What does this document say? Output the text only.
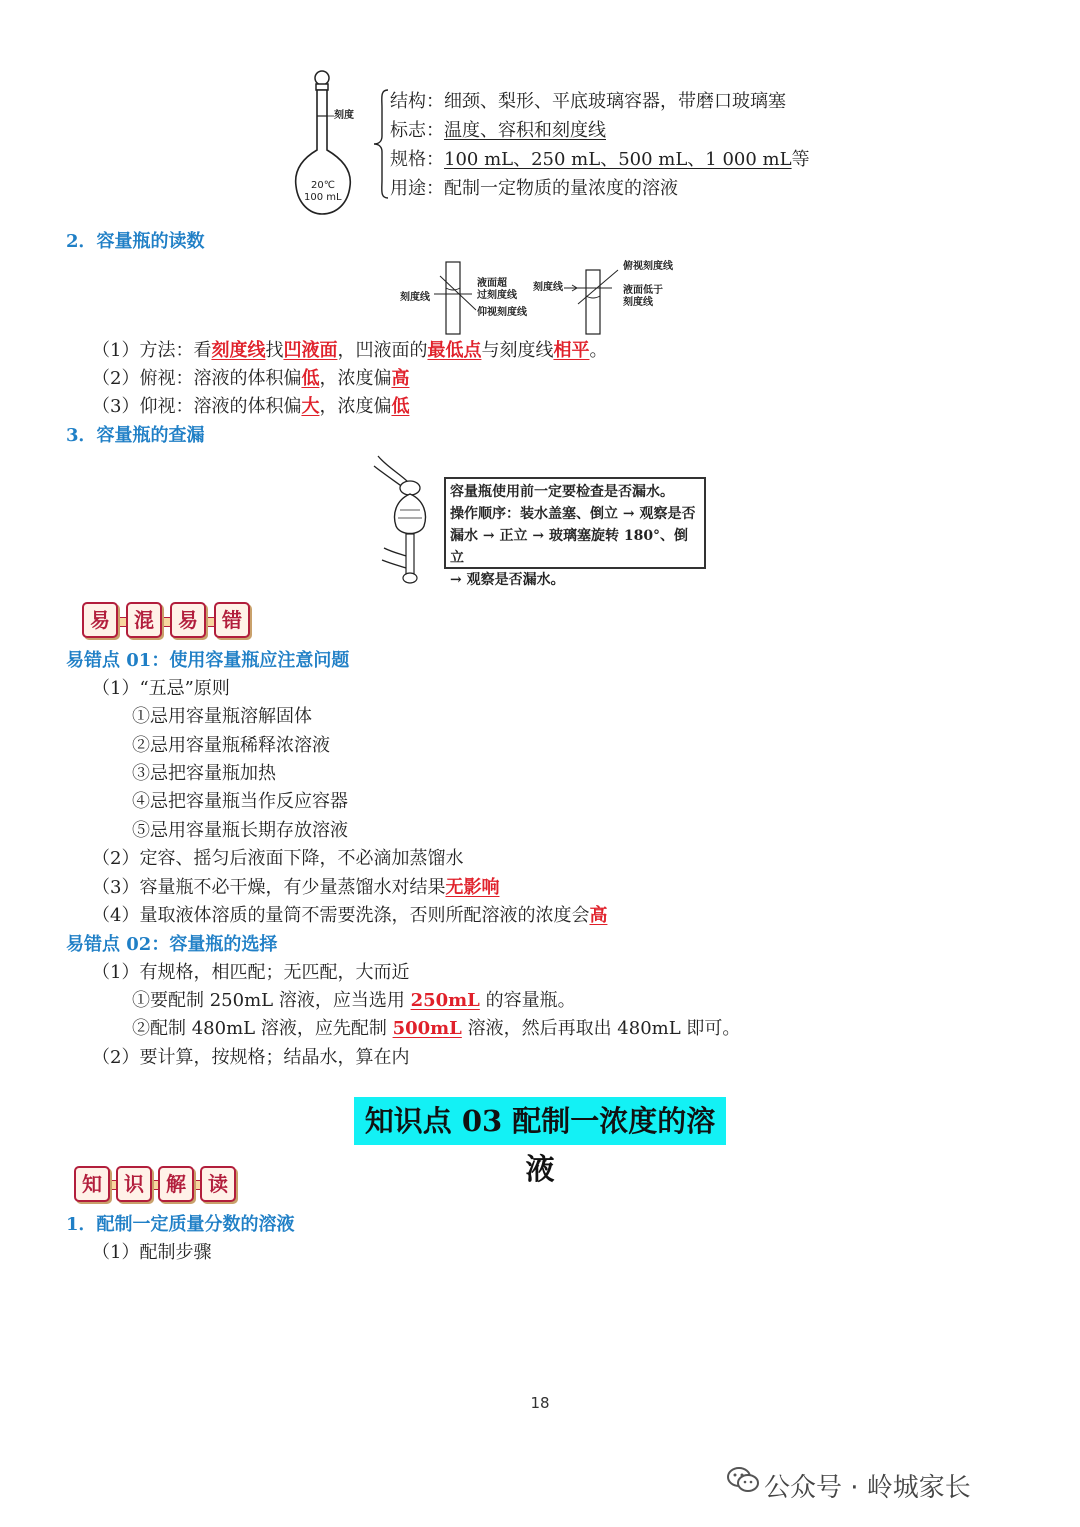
刻度
20℃
100 mL
结构：细颈、梨形、平底玻璃容器，带磨口玻璃塞
标志：温度、容积和刻度线
规格：100 mL、250 mL、500 mL、1 000 mL等
用途：配制一定物质的量浓度的溶液
2．容量瓶的读数
刻度线
液面超
过刻度线
仰视刻度线
刻度线
俯视刻度线
液面低于
刻度线
（1）方法：看刻度线找凹液面，凹液面的最低点与刻度线相平。
（2）俯视：溶液的体积偏低，浓度偏高
（3）仰视：溶液的体积偏大，浓度偏低
3．容量瓶的查漏
容量瓶使用前一定要检查是否漏水。
操作顺序：装水盖塞、倒立 → 观察是否
漏水 → 正立 → 玻璃塞旋转 180°、倒立
→ 观察是否漏水。
易	混	易	错
易错点 01：使用容量瓶应注意问题
（1）“五忌”原则
①忌用容量瓶溶解固体
②忌用容量瓶稀释浓溶液
③忌把容量瓶加热
④忌把容量瓶当作反应容器
⑤忌用容量瓶长期存放溶液
（2）定容、摇匀后液面下降，不必滴加蒸馏水
（3）容量瓶不必干燥，有少量蒸馏水对结果无影响
（4）量取液体溶质的量筒不需要洗涤，否则所配溶液的浓度会高
易错点 02：容量瓶的选择
（1）有规格，相匹配；无匹配，大而近
①要配制 250mL 溶液，应当选用 250mL 的容量瓶。
②配制 480mL 溶液，应先配制 500mL 溶液，然后再取出 480mL 即可。
（2）要计算，按规格；结晶水，算在内
知识点 03 配制一浓度的溶液
知	识	解	读
1．配制一定质量分数的溶液
（1）配制步骤
18
公众号 · 岭城家长
